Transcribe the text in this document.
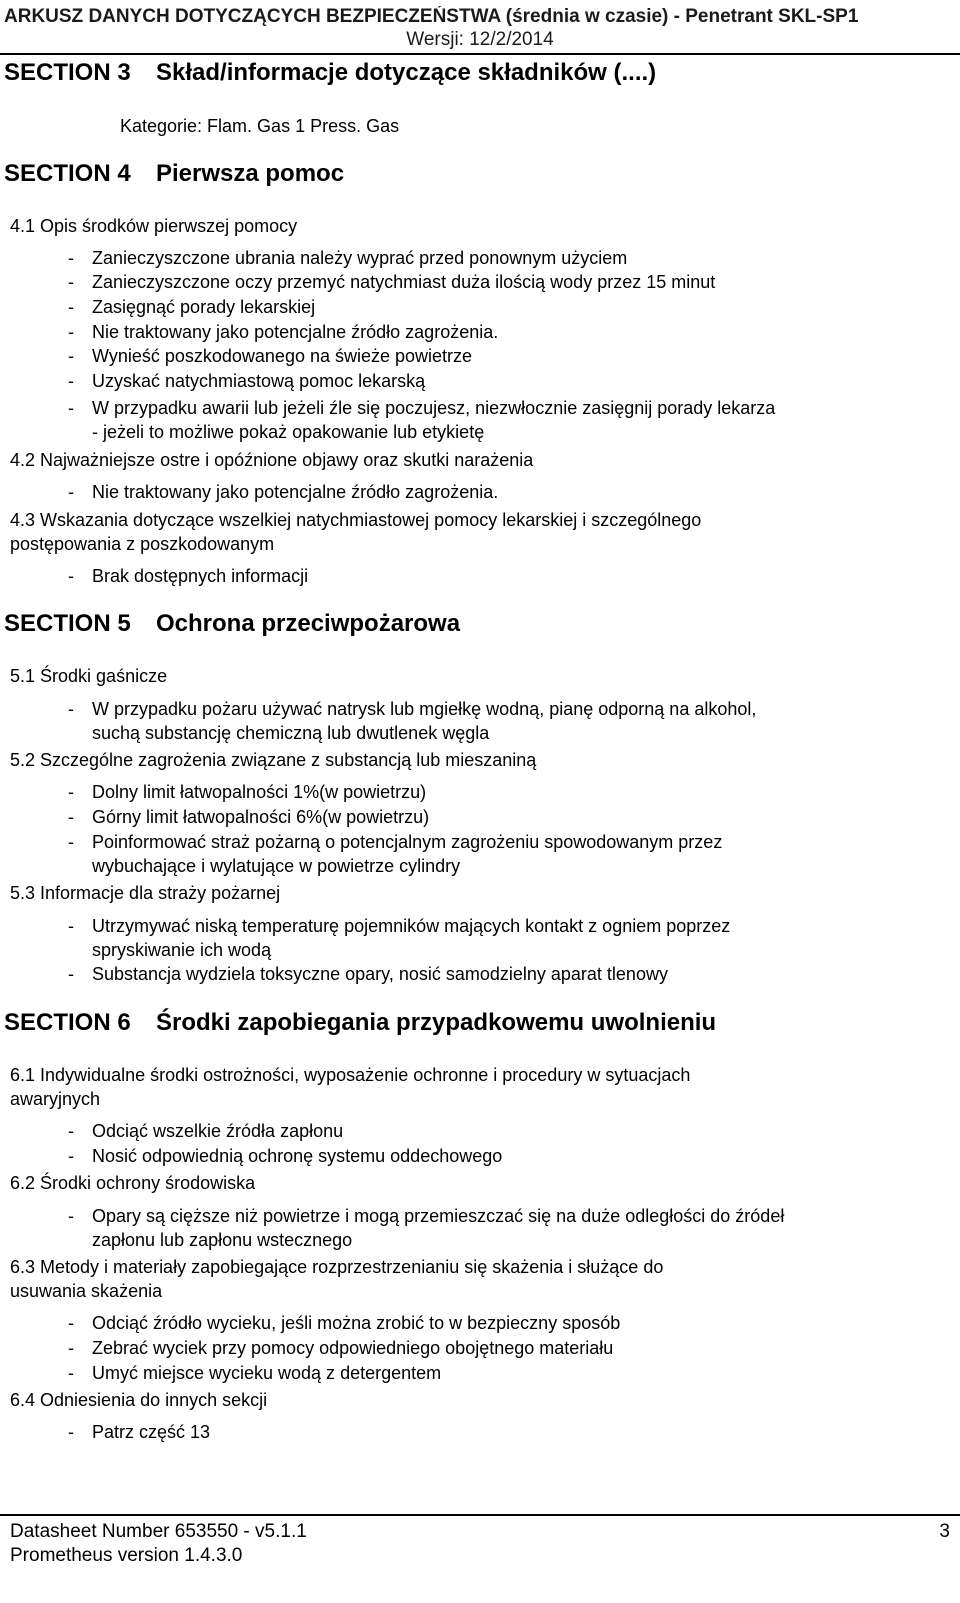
ARKUSZ DANYCH DOTYCZĄCYCH BEZPIECZEŃSTWA (średnia w czasie) - Penetrant SKL-SP1
Wersji: 12/2/2014
SECTION 3 Skład/informacje dotyczące składników (....)
Kategorie: Flam. Gas 1 Press. Gas
SECTION 4 Pierwsza pomoc
4.1 Opis środków pierwszej pomocy
- Zanieczyszczone ubrania należy wyprać przed ponownym użyciem
- Zanieczyszczone oczy przemyć natychmiast duża ilością wody przez 15 minut
- Zasięgnąć porady lekarskiej
- Nie traktowany jako potencjalne źródło zagrożenia.
- Wynieść poszkodowanego na świeże powietrze
- Uzyskać natychmiastową pomoc lekarską
- W przypadku awarii lub jeżeli źle się poczujesz, niezwłocznie zasięgnij porady lekarza
- jeżeli to możliwe pokaż opakowanie lub etykietę
4.2 Najważniejsze ostre i opóźnione objawy oraz skutki narażenia
- Nie traktowany jako potencjalne źródło zagrożenia.
4.3 Wskazania dotyczące wszelkiej natychmiastowej pomocy lekarskiej i szczególnego
postępowania z poszkodowanym
- Brak dostępnych informacji
SECTION 5 Ochrona przeciwpożarowa
5.1 Środki gaśnicze
- W przypadku pożaru używać natrysk lub mgiełkę wodną, pianę odporną na alkohol,
suchą substancję chemiczną lub dwutlenek węgla
5.2 Szczególne zagrożenia związane z substancją lub mieszaniną
- Dolny limit łatwopalności 1%(w powietrzu)
- Górny limit łatwopalności 6%(w powietrzu)
- Poinformować straż pożarną o potencjalnym zagrożeniu spowodowanym przez
wybuchające i wylatujące w powietrze cylindry
5.3 Informacje dla straży pożarnej
- Utrzymywać niską temperaturę pojemników mających kontakt z ogniem poprzez
spryskiwanie ich wodą
- Substancja wydziela toksyczne opary, nosić samodzielny aparat tlenowy
SECTION 6 Środki zapobiegania przypadkowemu uwolnieniu
6.1 Indywidualne środki ostrożności, wyposażenie ochronne i procedury w sytuacjach
awaryjnych
- Odciąć wszelkie źródła zapłonu
- Nosić odpowiednią ochronę systemu oddechowego
6.2 Środki ochrony środowiska
- Opary są cięższe niż powietrze i mogą przemieszczać się na duże odległości do źródeł
zapłonu lub zapłonu wstecznego
6.3 Metody i materiały zapobiegające rozprzestrzenianiu się skażenia i służące do
usuwania skażenia
- Odciąć źródło wycieku, jeśli można zrobić to w bezpieczny sposób
- Zebrać wyciek przy pomocy odpowiedniego obojętnego materiału
- Umyć miejsce wycieku wodą z detergentem
6.4 Odniesienia do innych sekcji
- Patrz część 13
Datasheet Number 653550 - v5.1.1
Prometheus version 1.4.3.0
3
